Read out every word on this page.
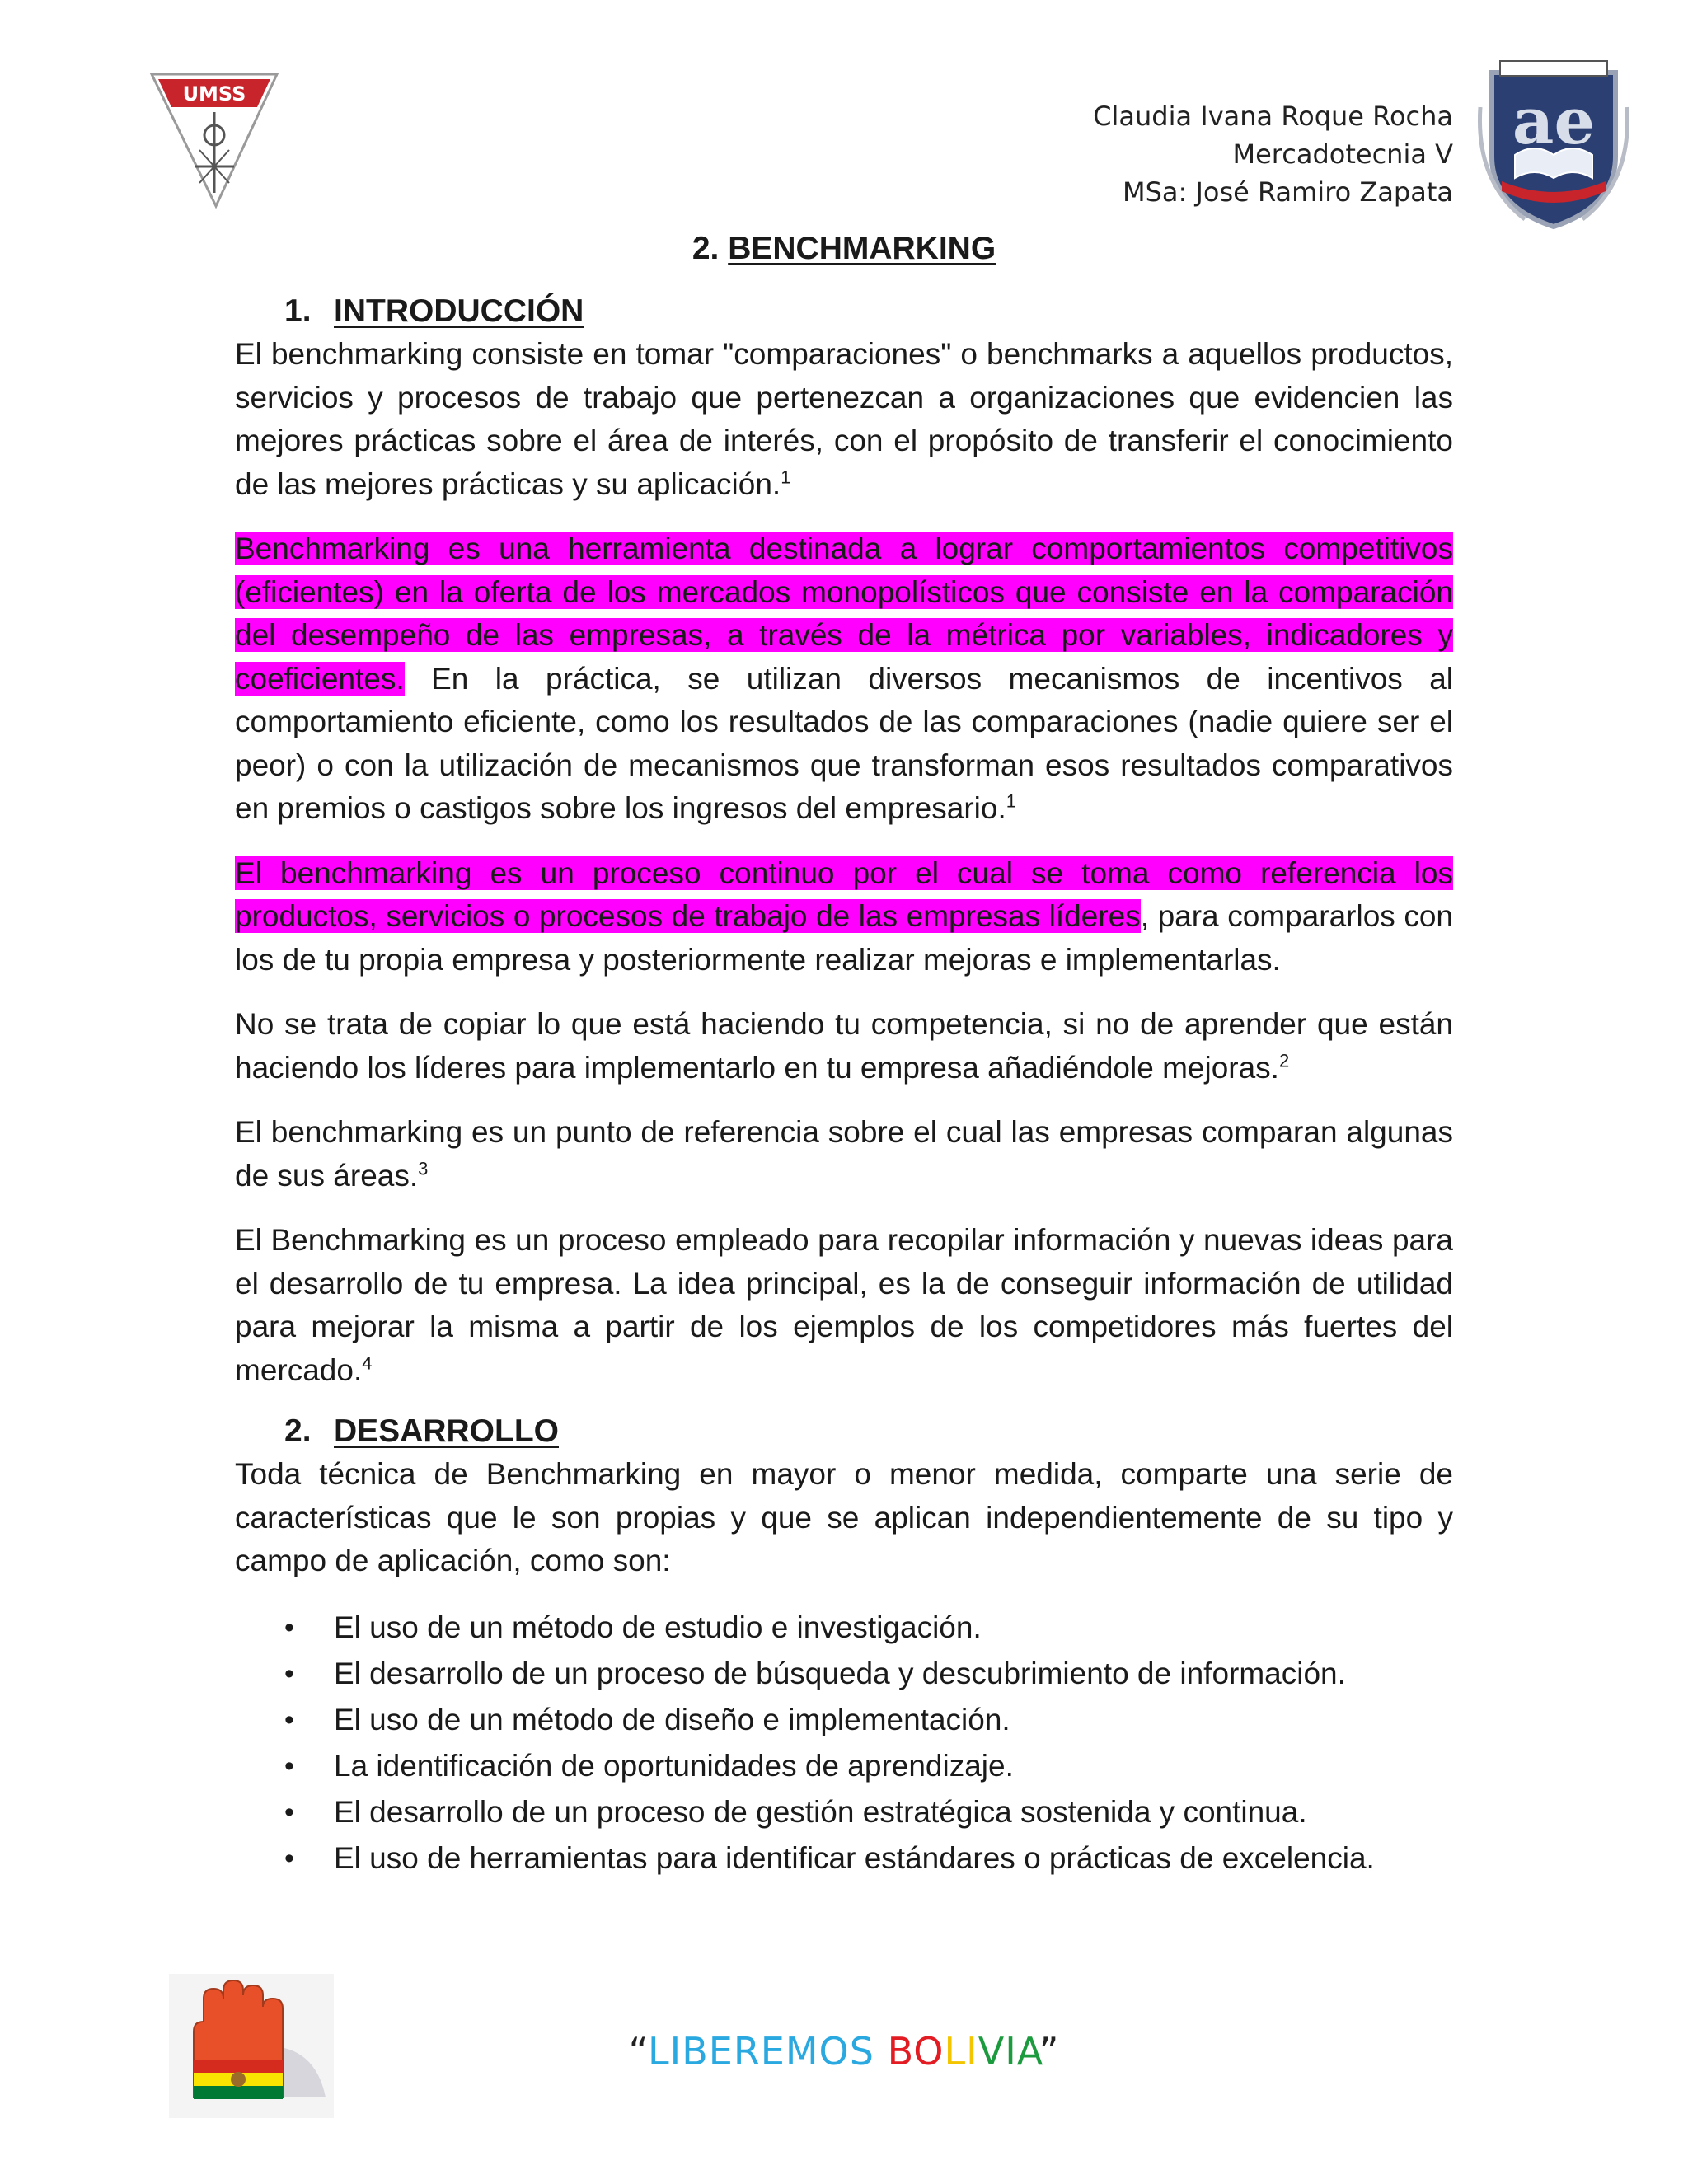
UMSS
Claudia Ivana Roque Rocha
Mercadotecnia V
MSa: José Ramiro Zapata
ae
2. BENCHMARKING
1. INTRODUCCIÓN

El benchmarking consiste en tomar "comparaciones" o benchmarks a aquellos productos, servicios y procesos de trabajo que pertenezcan a organizaciones que evidencien las mejores prácticas sobre el área de interés, con el propósito de transferir el conocimiento de las mejores prácticas y su aplicación.$^1$

Benchmarking es una herramienta destinada a lograr comportamientos competitivos (eficientes) en la oferta de los mercados monopolísticos que consiste en la comparación del desempeño de las empresas, a través de la métrica por variables, indicadores y coeficientes. En la práctica, se utilizan diversos mecanismos de incentivos al comportamiento eficiente, como los resultados de las comparaciones (nadie quiere ser el peor) o con la utilización de mecanismos que transforman esos resultados comparativos en premios o castigos sobre los ingresos del empresario.$^1$

El benchmarking es un proceso continuo por el cual se toma como referencia los productos, servicios o procesos de trabajo de las empresas líderes, para compararlos con los de tu propia empresa y posteriormente realizar mejoras e implementarlas.

No se trata de copiar lo que está haciendo tu competencia, si no de aprender que están haciendo los líderes para implementarlo en tu empresa añadiéndole mejoras.$^2$

El benchmarking es un punto de referencia sobre el cual las empresas comparan algunas de sus áreas.$^3$

El Benchmarking es un proceso empleado para recopilar información y nuevas ideas para el desarrollo de tu empresa. La idea principal, es la de conseguir información de utilidad para mejorar la misma a partir de los ejemplos de los competidores más fuertes del mercado.$^4$

2. DESARROLLO

Toda técnica de Benchmarking en mayor o menor medida, comparte una serie de características que le son propias y que se aplican independientemente de su tipo y campo de aplicación, como son:

• El uso de un método de estudio e investigación.
• El desarrollo de un proceso de búsqueda y descubrimiento de información.
• El uso de un método de diseño e implementación.
• La identificación de oportunidades de aprendizaje.
• El desarrollo de un proceso de gestión estratégica sostenida y continua.
• El uso de herramientas para identificar estándares o prácticas de excelencia.
“LIBEREMOS BOLIVIA”
